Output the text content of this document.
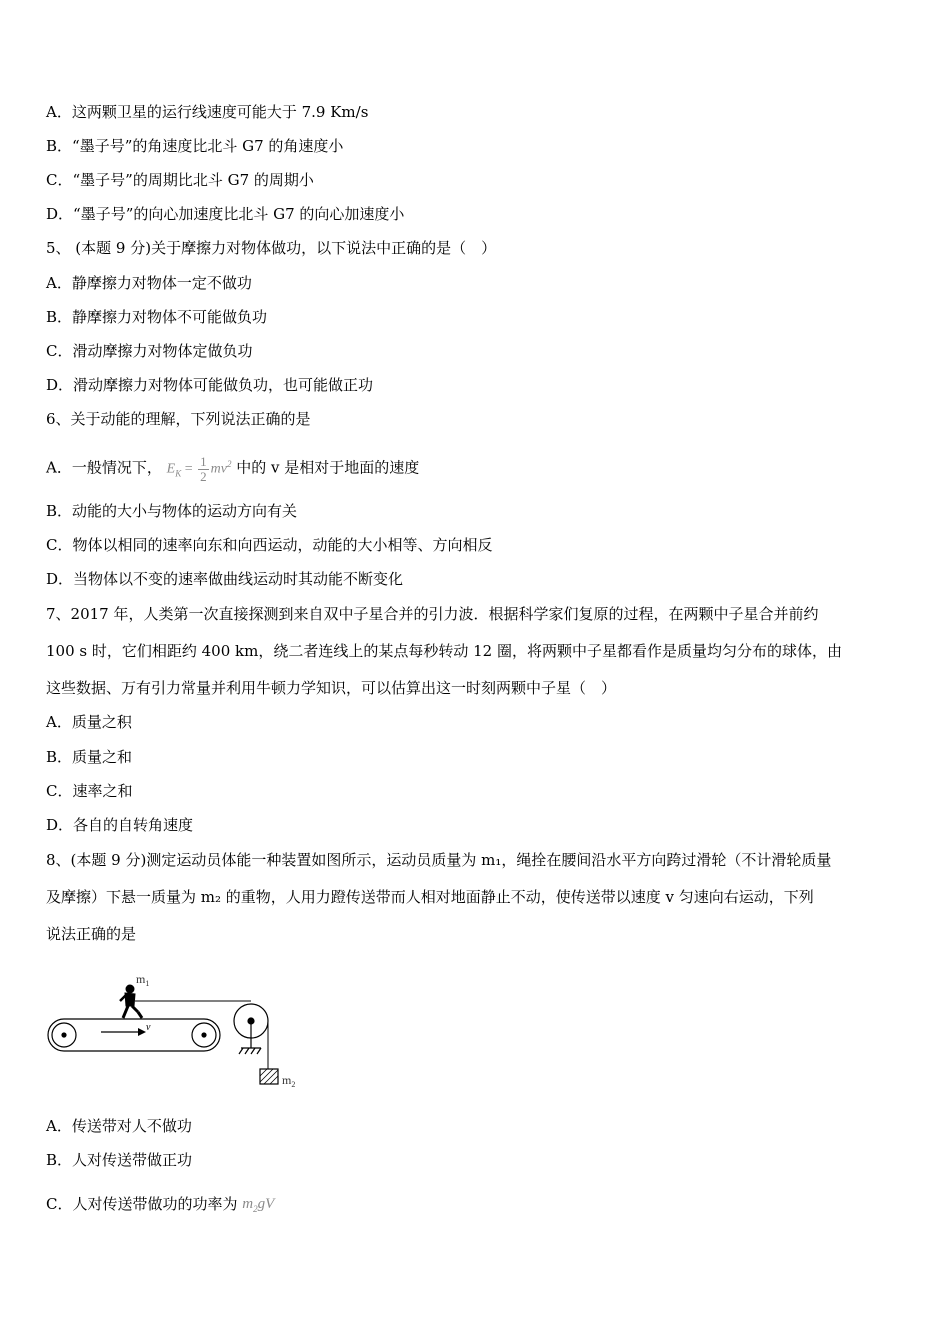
A．这两颗卫星的运行线速度可能大于 7.9 Km/s
B．“墨子号”的角速度比北斗 G7 的角速度小
C．“墨子号”的周期比北斗 G7 的周期小
D．“墨子号”的向心加速度比北斗 G7 的向心加速度小
5、 (本题 9 分)关于摩擦力对物体做功，以下说法中正确的是（　）
A．静摩擦力对物体一定不做功
B．静摩擦力对物体不可能做负功
C．滑动摩擦力对物体定做负功
D．滑动摩擦力对物体可能做负功，也可能做正功
6、关于动能的理解，下列说法正确的是
A．一般情况下， $E_K = \frac{1}{2} mv^2$ 中的 v 是相对于地面的速度
B．动能的大小与物体的运动方向有关
C．物体以相同的速率向东和向西运动，动能的大小相等、方向相反
D．当物体以不变的速率做曲线运动时其动能不断变化
7、2017 年，人类第一次直接探测到来自双中子星合并的引力波．根据科学家们复原的过程，在两颗中子星合并前约
100 s 时，它们相距约 400 km，绕二者连线上的某点每秒转动 12 圈，将两颗中子星都看作是质量均匀分布的球体，由
这些数据、万有引力常量并利用牛顿力学知识，可以估算出这一时刻两颗中子星（　）
A．质量之积
B．质量之和
C．速率之和
D．各自的自转角速度
8、(本题 9 分)测定运动员体能一种装置如图所示，运动员质量为 m₁，绳拴在腰间沿水平方向跨过滑轮（不计滑轮质量
及摩擦）下悬一质量为 m₂ 的重物，人用力蹬传送带而人相对地面静止不动，使传送带以速度 v 匀速向右运动，下列
说法正确的是
v
$m_1$
$m_2$
A．传送带对人不做功
B．人对传送带做正功
C．人对传送带做功的功率为 $m_2gV$
